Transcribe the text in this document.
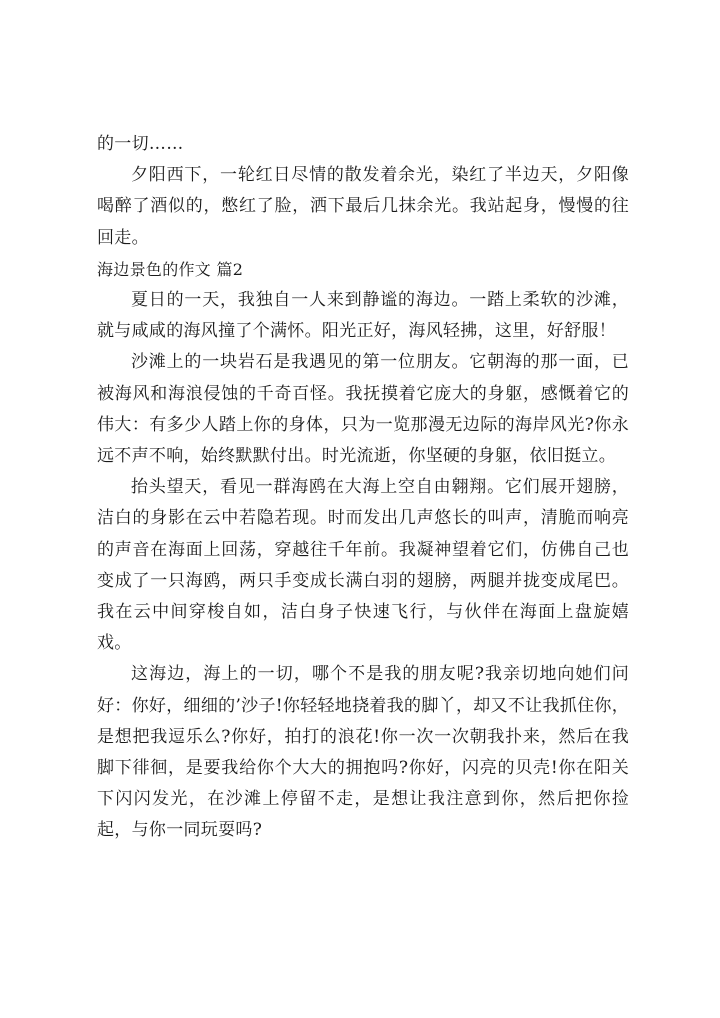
的一切……

夕阳西下，一轮红日尽情的散发着余光，染红了半边天，夕阳像喝醉了酒似的，憋红了脸，洒下最后几抹余光。我站起身，慢慢的往回走。

海边景色的作文 篇2

夏日的一天，我独自一人来到静谧的海边。一踏上柔软的沙滩，就与咸咸的海风撞了个满怀。阳光正好，海风轻拂，这里，好舒服！

沙滩上的一块岩石是我遇见的第一位朋友。它朝海的那一面，已被海风和海浪侵蚀的千奇百怪。我抚摸着它庞大的身躯，感慨着它的伟大：有多少人踏上你的身体，只为一览那漫无边际的海岸风光?你永远不声不响，始终默默付出。时光流逝，你坚硬的身躯，依旧挺立。

抬头望天，看见一群海鸥在大海上空自由翱翔。它们展开翅膀，洁白的身影在云中若隐若现。时而发出几声悠长的叫声，清脆而响亮的声音在海面上回荡，穿越往千年前。我凝神望着它们，仿佛自己也变成了一只海鸥，两只手变成长满白羽的翅膀，两腿并拢变成尾巴。我在云中间穿梭自如，洁白身子快速飞行，与伙伴在海面上盘旋嬉戏。

这海边，海上的一切，哪个不是我的朋友呢?我亲切地向她们问好：你好，细细的’沙子!你轻轻地挠着我的脚丫，却又不让我抓住你，是想把我逗乐么?你好，拍打的浪花!你一次一次朝我扑来，然后在我脚下徘徊，是要我给你个大大的拥抱吗?你好，闪亮的贝壳!你在阳关下闪闪发光，在沙滩上停留不走，是想让我注意到你，然后把你捡起，与你一同玩耍吗?
